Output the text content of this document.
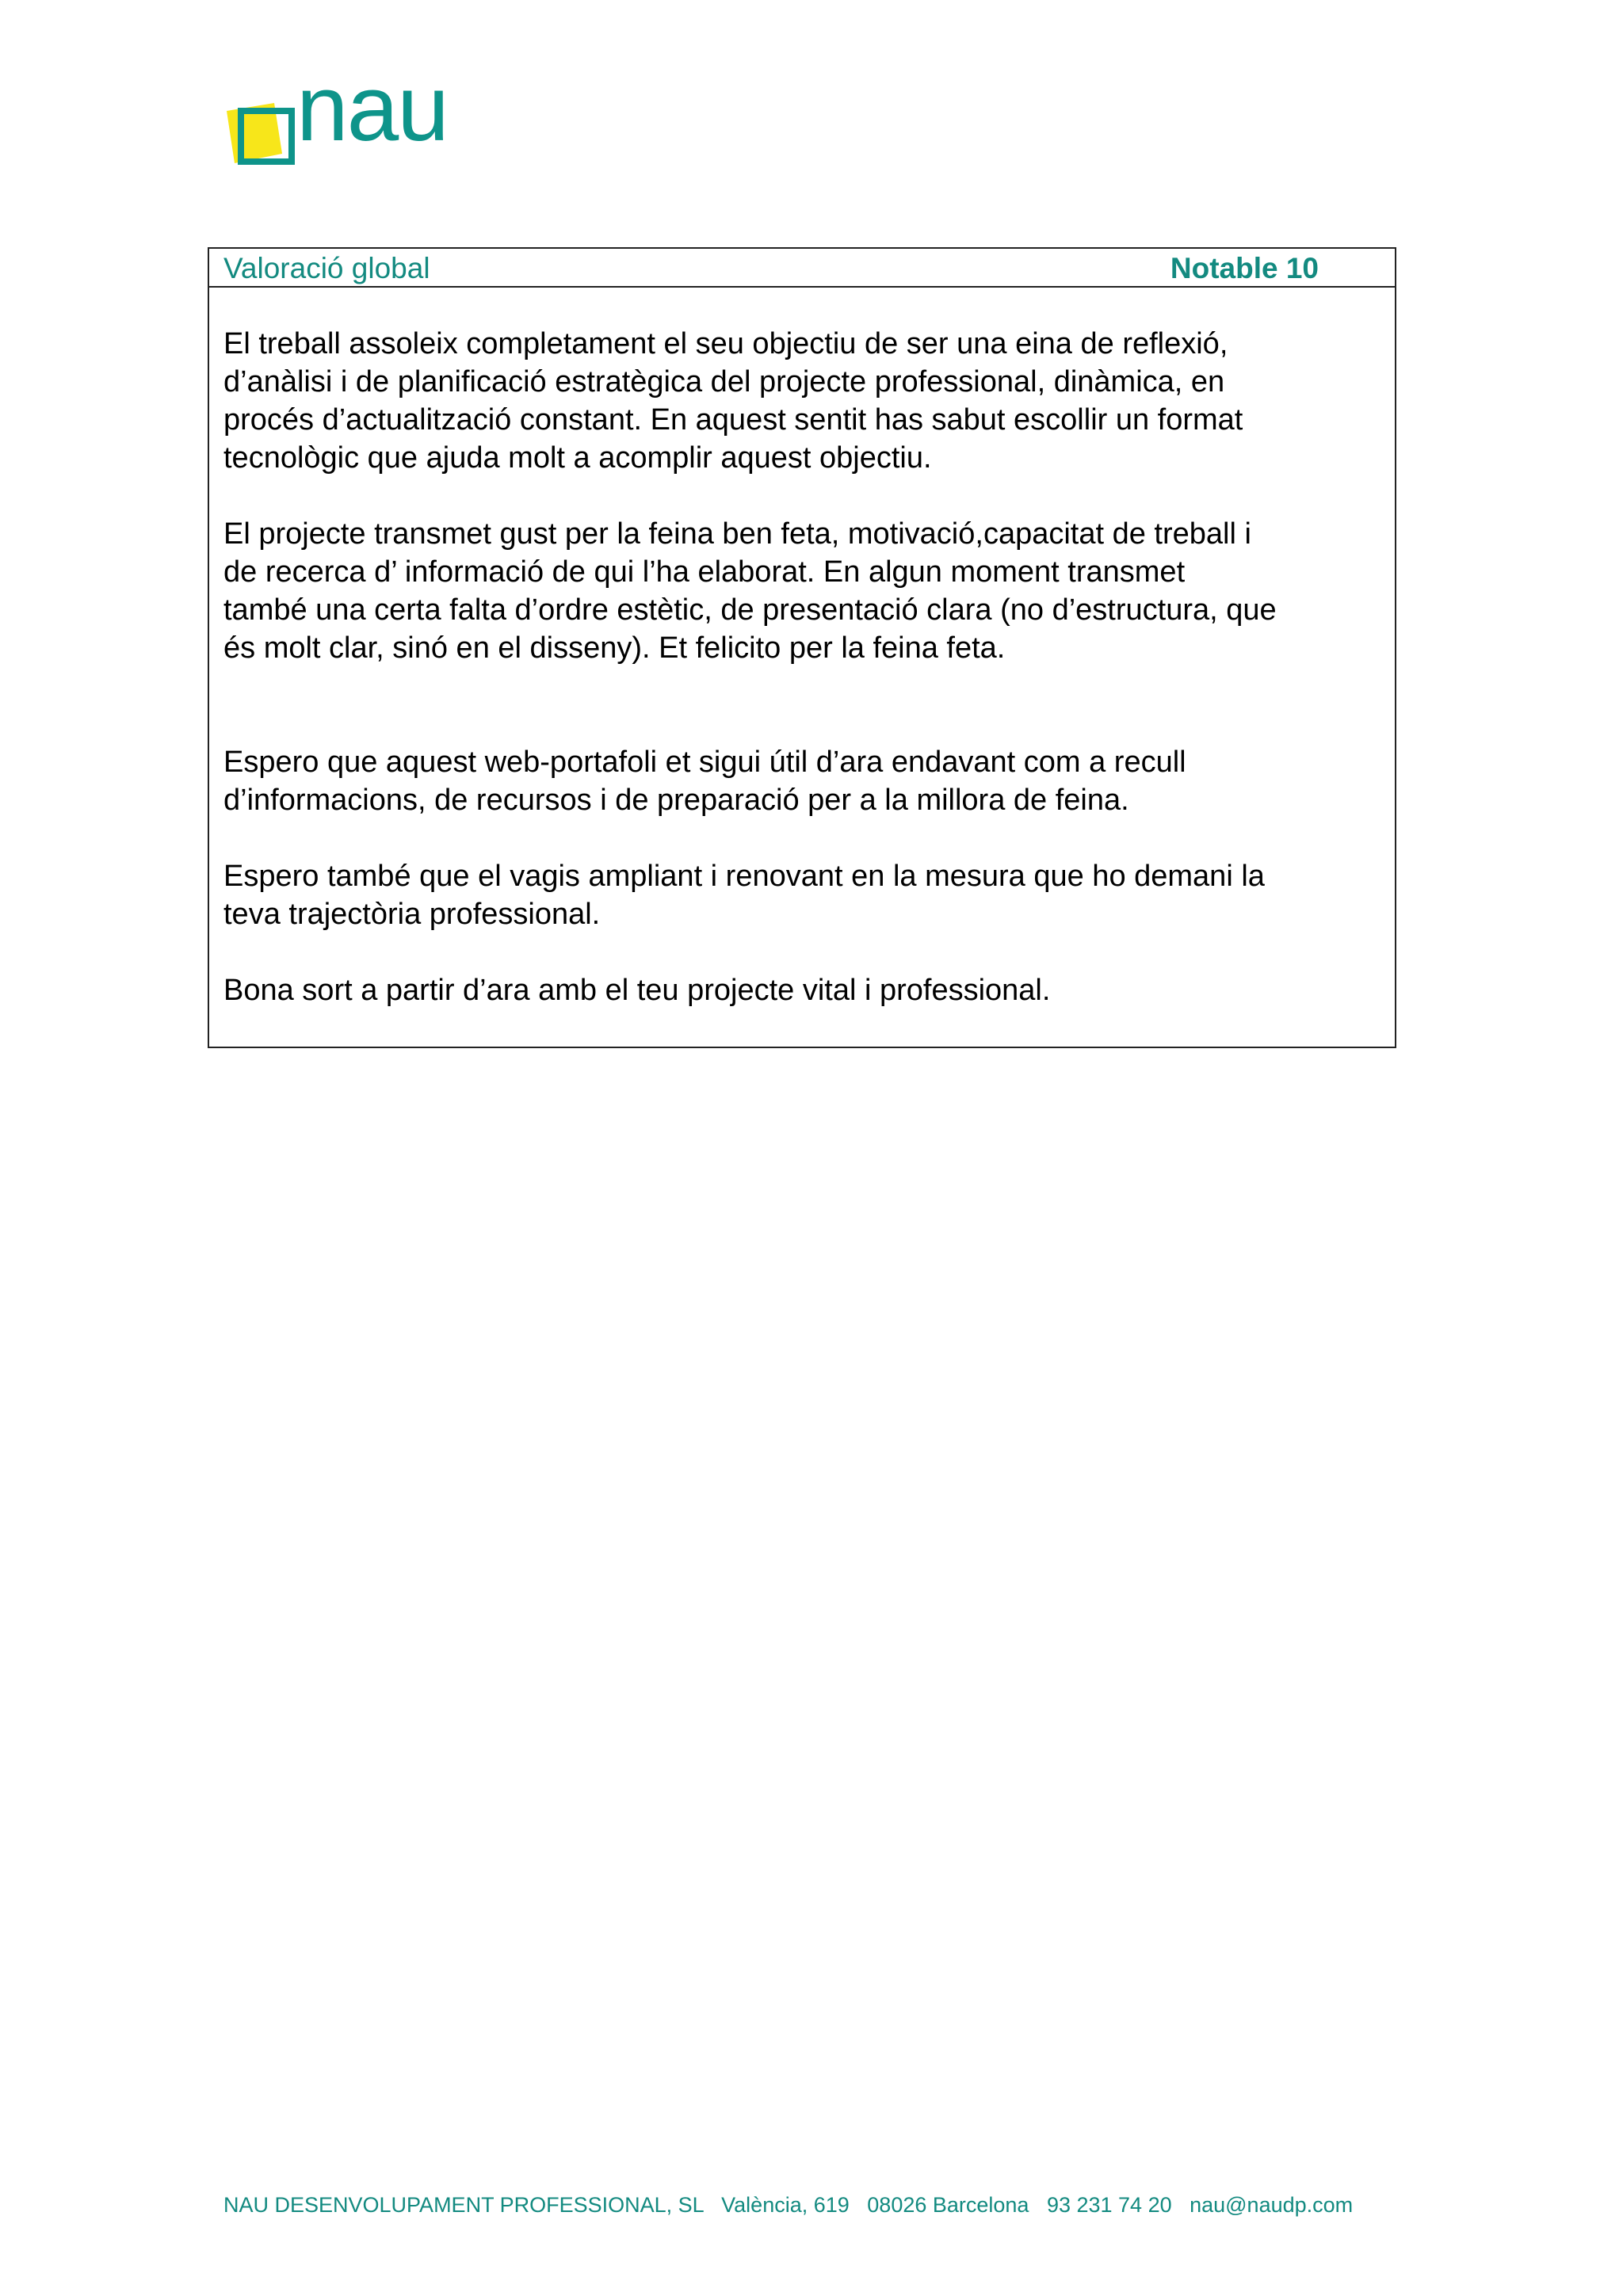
nau
Valoració global	Notable 10

El treball assoleix completament el seu objectiu de ser una eina de reflexió,
d’anàlisi i de planificació estratègica del projecte professional, dinàmica, en
procés d’actualització constant. En aquest sentit has sabut escollir un format
tecnològic que ajuda molt a acomplir aquest objectiu.

El projecte transmet gust per la feina ben feta, motivació,capacitat de treball i
de recerca d’ informació de qui l’ha elaborat. En algun moment transmet
també una certa falta d’ordre estètic, de presentació clara (no d’estructura, que
és molt clar, sinó en el disseny). Et felicito per la feina feta.

Espero que aquest web-portafoli et sigui útil d’ara endavant com a recull
d’informacions, de recursos i de preparació per a la millora de feina.

Espero també que el vagis ampliant i renovant en la mesura que ho demani la
teva trajectòria professional.

Bona sort a partir d’ara amb el teu projecte vital i professional.

NAU DESENVOLUPAMENT PROFESSIONAL, SL   València, 619   08026 Barcelona   93 231 74 20   nau@naudp.com
